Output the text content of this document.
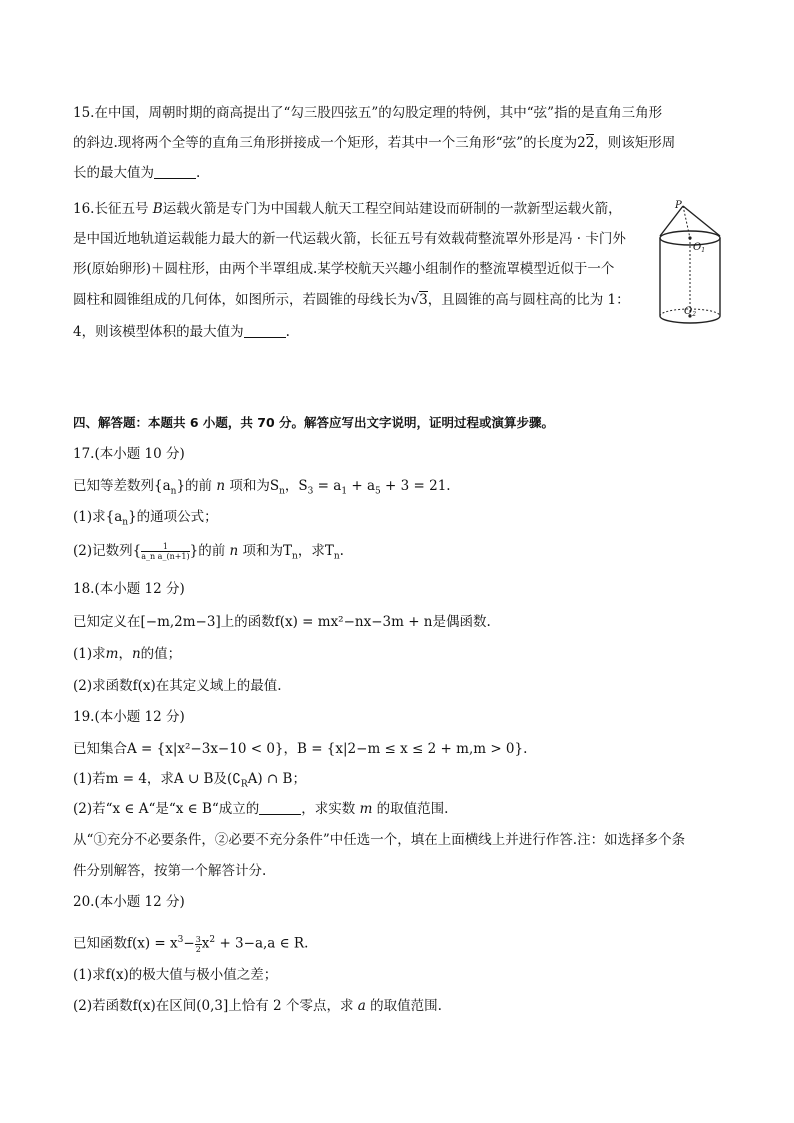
15.在中国，周朝时期的商高提出了“勾三股四弦五”的勾股定理的特例，其中“弦”指的是直角三角形
的斜边.现将两个全等的直角三角形拼接成一个矩形，若其中一个三角形“弦”的长度为22，则该矩形周
长的最大值为	.
16.长征五号 B运载火箭是专门为中国载人航天工程空间站建设而研制的一款新型运载火箭，
是中国近地轨道运载能力最大的新一代运载火箭，长征五号有效载荷整流罩外形是冯 · 卡门外
形(原始卵形)＋圆柱形，由两个半罩组成.某学校航天兴趣小组制作的整流罩模型近似于一个
圆柱和圆锥组成的几何体，如图所示，若圆锥的母线长为√3，且圆锥的高与圆柱高的比为 1：
4，则该模型体积的最大值为	.
P
$O_1$
$O_2$
四、解答题：本题共 6 小题，共 70 分。解答应写出文字说明，证明过程或演算步骤。
17.(本小题 10 分)
已知等差数列$\{a_n\}$的前 n 项和为$S_n$，$S_3 = a_1 + a_5 + 3 = 21$.
(1)求$\{a_n\}$的通项公式；
(2)记数列{ $\frac{1}{\text{a\_n a\_(n+1)}}$ }的前 n 项和为$T_n$，求$T_n$.
18.(本小题 12 分)
已知定义在[−m,2m−3]上的函数f(x) = mx²−nx−3m + n是偶函数.
(1)求m，n的值；
(2)求函数f(x)在其定义域上的最值.
19.(本小题 12 分)
已知集合A = {x|x²−3x−10 < 0}，B = {x|2−m ≤ x ≤ 2 + m,m > 0}.
(1)若m = 4，求A ∪ B及$(∁_RA)$ ∩ B；
(2)若“x ∈ A“是“x ∈ B“成立的	，求实数 m 的取值范围.
从“①充分不必要条件，②必要不充分条件”中任选一个，填在上面横线上并进行作答.注：如选择多个条
件分别解答，按第一个解答计分.
20.(本小题 12 分)
已知函数$f(x) = x^3- \frac{3}{2} x^2 + 3-a,a$ ∈ R.
(1)求f(x)的极大值与极小值之差；
(2)若函数f(x)在区间(0,3]上恰有 2 个零点，求 a 的取值范围.
